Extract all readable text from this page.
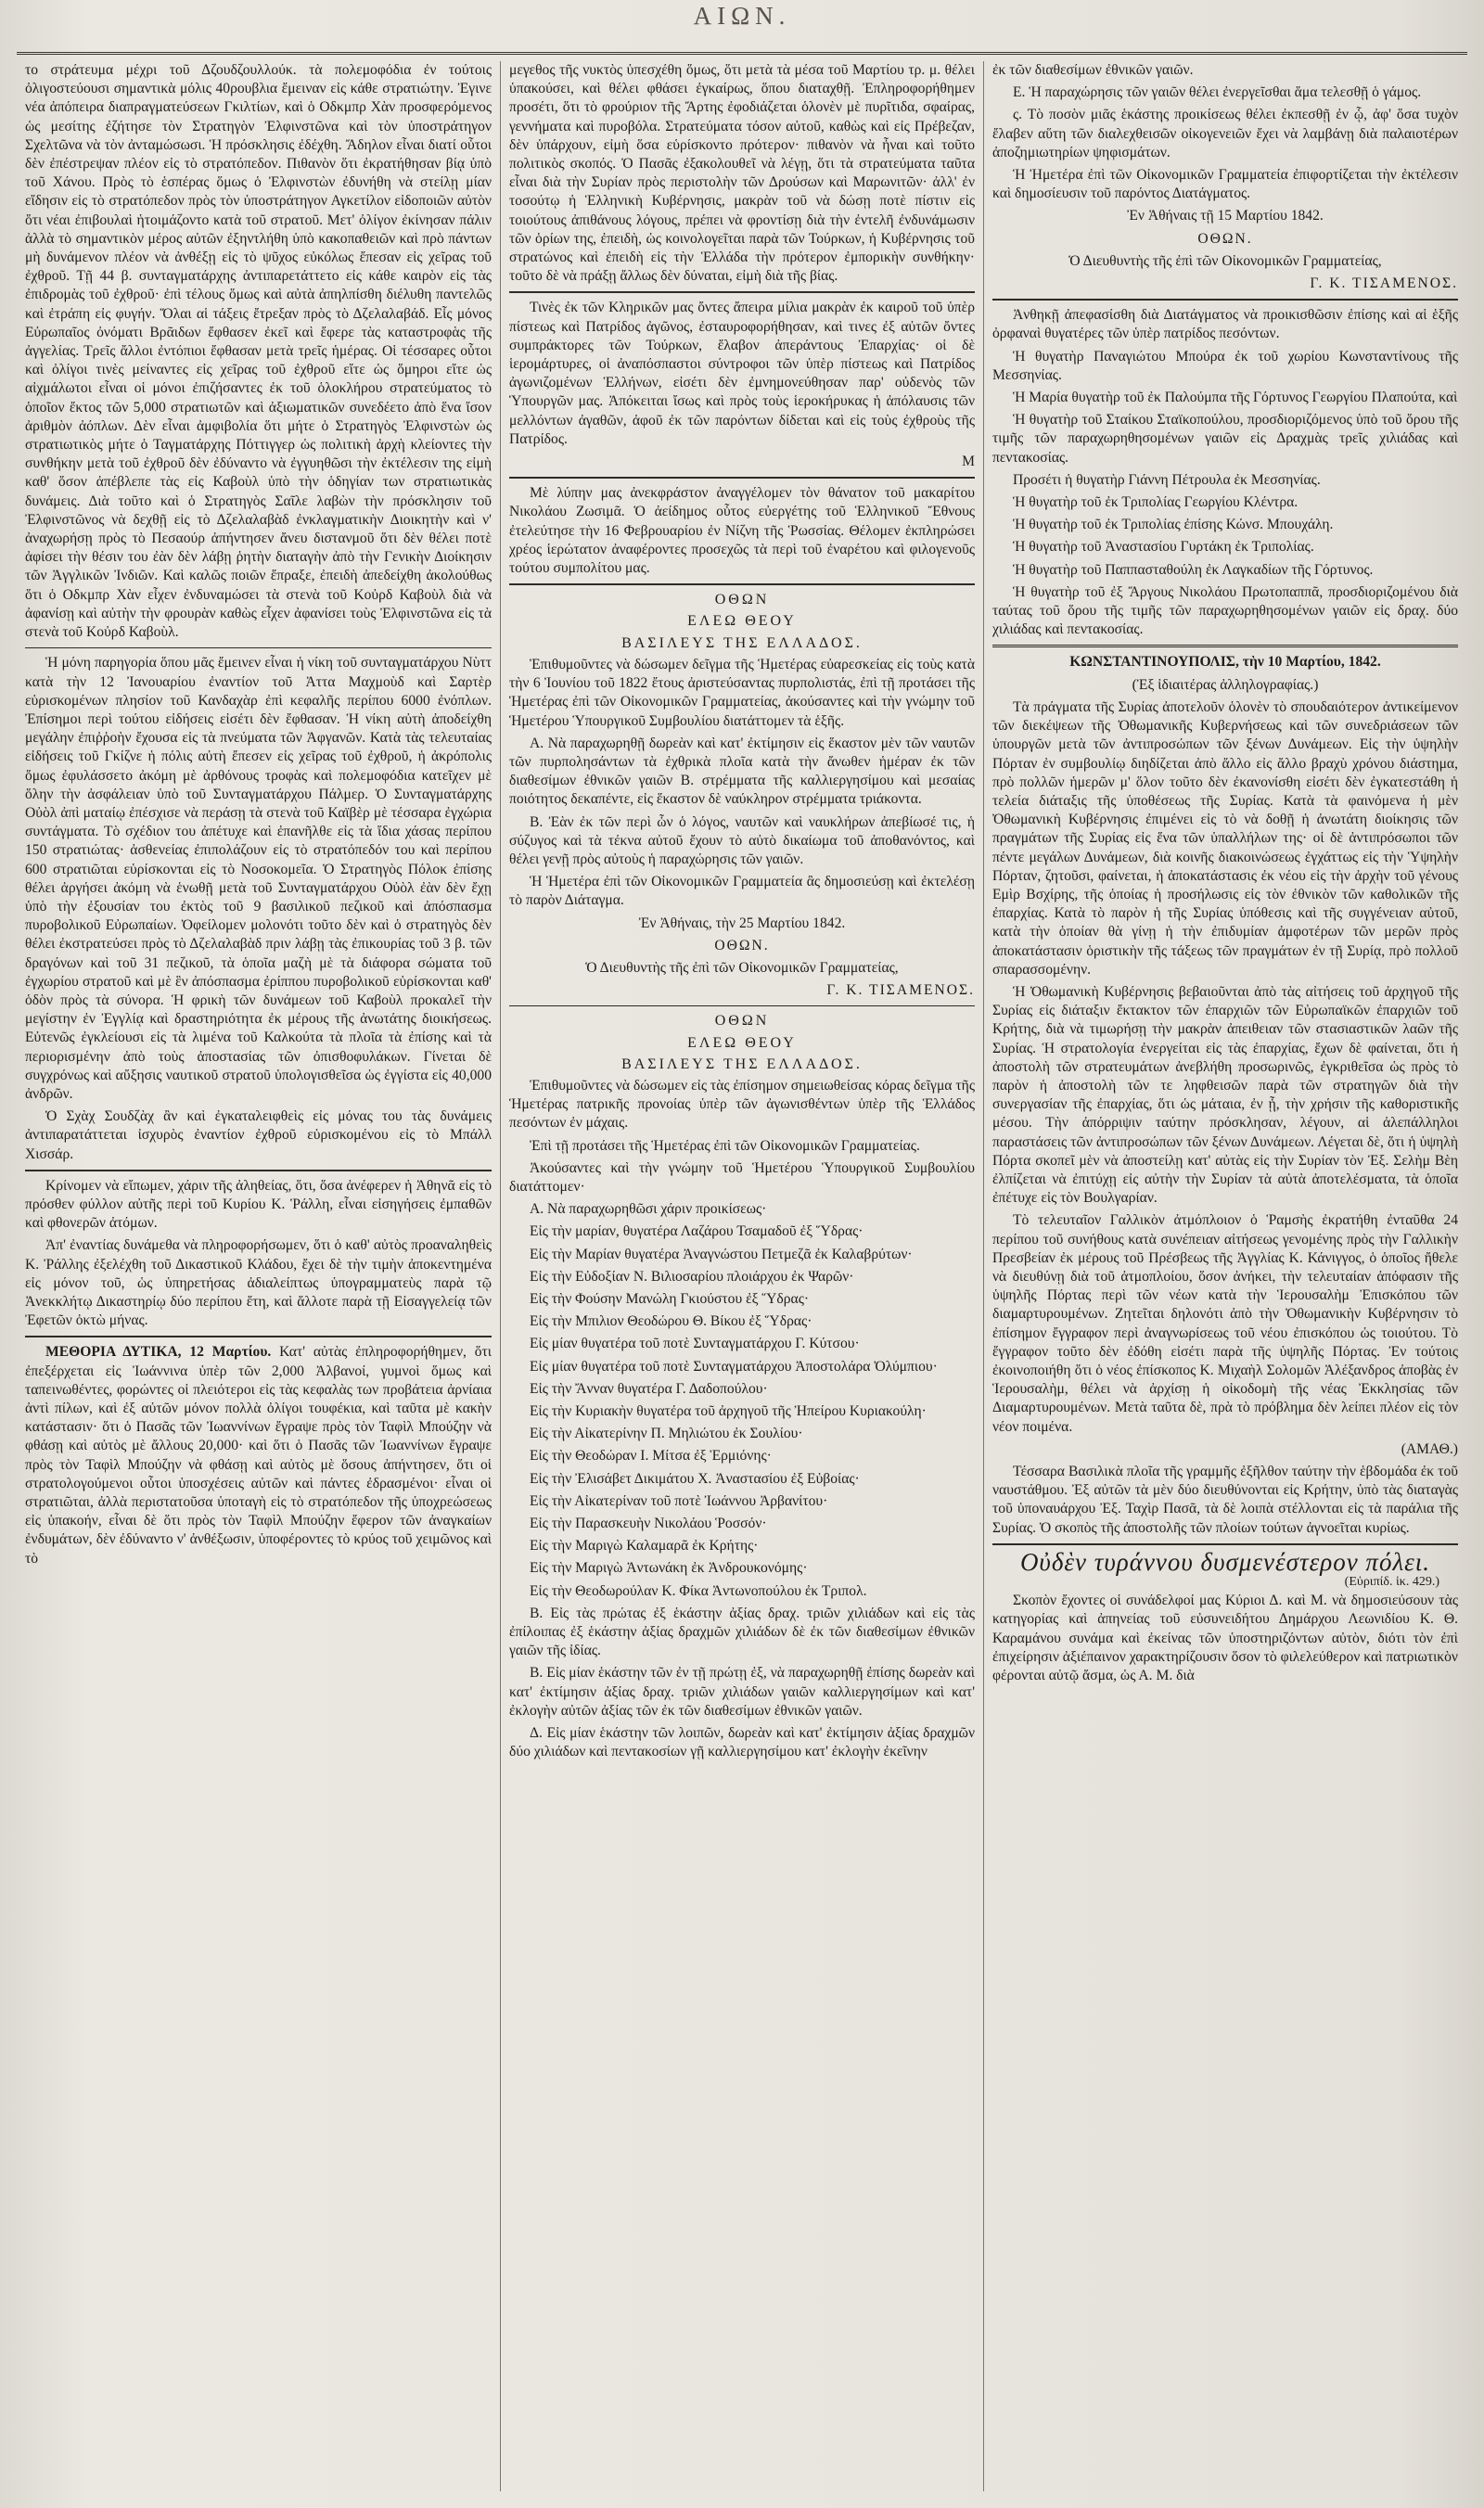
ΑΙΩΝ.

το στράτευμα μέχρι τοῦ Δζουδζουλλούκ. τὰ πολεμοφόδια ἐν τούτοις ὀλιγοστεύουσι σημαντικὰ μόλις 40ρουβλια ἔμειναν εἰς κάθε στρατιώτην. Ἐγινε νέα ἀπόπειρα διαπραγματεύσεων Γκιλτίων, καὶ ὁ Οδκμπρ Χὰν προσφερόμενος ὡς μεσίτης ἐζήτησε τὸν Στρατηγὸν Ἐλφινστῶνα καὶ τὸν ὑποστράτηγον Σχελτῶνα νὰ τὸν ἀνταμώσωσι. Ἡ πρόσκλησις ἐδέχθη. Ἄδηλον εἶναι διατί οὗτοι δὲν ἐπέστρεψαν πλέον εἰς τὸ στρατόπεδον. Πιθανὸν ὅτι ἐκρατήθησαν βίᾳ ὑπὸ τοῦ Χάνου. Πρὸς τὸ ἑσπέρας ὅμως ὁ Ἐλφινστὼν ἐδυνήθη νὰ στείλῃ μίαν εἴδησιν εἰς τὸ στρατόπεδον πρὸς τὸν ὑποστράτηγον Αγκετίλον εἰδοποιῶν αὐτὸν ὅτι νέαι ἐπιβουλαὶ ἡτοιμάζοντο κατὰ τοῦ στρατοῦ. Μετ' ὀλίγον ἐκίνησαν πάλιν ἀλλὰ τὸ σημαντικὸν μέρος αὐτῶν ἐξηντλήθη ὑπὸ κακοπαθειῶν καὶ πρὸ πάντων μὴ δυνάμενον πλέον νὰ ἀνθέξῃ εἰς τὸ ψῦχος εὐκόλως ἔπεσαν εἰς χεῖρας τοῦ ἐχθροῦ. Τῇ 44 β. συνταγματάρχης ἀντιπαρετάττετο εἰς κάθε καιρὸν εἰς τὰς ἐπιδρομὰς τοῦ ἐχθροῦ· ἐπὶ τέλους ὅμως καὶ αὐτὰ ἀπηλπίσθη διέλυθη παντελῶς καὶ ἐτράπη εἰς φυγήν. Ὅλαι αἱ τάξεις ἔτρεξαν πρὸς τὸ Δζελαλαβάδ. Εἷς μόνος Εὐρωπαῖος ὀνόματι Βρᾶιδων ἔφθασεν ἐκεῖ καὶ ἔφερε τὰς καταστροφὰς τῆς ἀγγελίας. Τρεῖς ἄλλοι ἐντόπιοι ἔφθασαν μετὰ τρεῖς ἡμέρας. Οἱ τέσσαρες οὗτοι καὶ ὀλίγοι τινὲς μείναντες εἰς χεῖρας τοῦ ἐχθροῦ εἴτε ὡς ὅμηροι εἴτε ὡς αἰχμάλωτοι εἶναι οἱ μόνοι ἐπιζήσαντες ἐκ τοῦ ὁλοκλήρου στρατεύματος τὸ ὁποῖον ἔκτος τῶν 5,000 στρατιωτῶν καὶ ἀξιωματικῶν συνεδέετο ἀπὸ ἕνα ἴσον ἀριθμὸν ἀόπλων. Δὲν εἶναι ἀμφιβολία ὅτι μήτε ὁ Στρατηγὸς Ἐλφινστὼν ὡς στρατιωτικὸς μήτε ὁ Ταγματάρχης Πόττιγγερ ὡς πολιτικὴ ἀρχὴ κλείοντες τὴν συνθήκην μετὰ τοῦ ἐχθροῦ δὲν ἐδύναντο νὰ ἐγγυηθῶσι τὴν ἐκτέλεσιν της εἰμὴ καθ' ὅσον ἀπέβλεπε τὰς εἰς Καβοὺλ ὑπὸ τὴν ὁδηγίαν των στρατιωτικὰς δυνάμεις. Διὰ τοῦτο καὶ ὁ Στρατηγὸς Σαῖλε λαβὼν τὴν πρόσκλησιν τοῦ Ἐλφινστῶνος νὰ δεχθῇ εἰς τὸ Δζελαλαβὰδ ἐνκλαγματικὴν Διοικητὴν καὶ ν' ἀναχωρήσῃ πρὸς τὸ Πεσαούρ ἀπήντησεν ἄνευ διστανμοῦ ὅτι δὲν θέλει ποτὲ ἀφίσει τὴν θέσιν του ἐὰν δὲν λάβῃ ῥητὴν διαταγὴν ἀπὸ τὴν Γενικὴν Διοίκησιν τῶν Ἀγγλικῶν Ἰνδιῶν. Καὶ καλῶς ποιῶν ἔπραξε, ἐπειδὴ ἀπεδείχθη ἀκολούθως ὅτι ὁ Οδκμπρ Χὰν εἶχεν ἐνδυναμώσει τὰ στενὰ τοῦ Κοὐρδ Καβοὺλ διὰ νὰ ἀφανίσῃ καὶ αὐτὴν τὴν φρουρὰν καθὼς εἶχεν ἀφανίσει τοὺς Ἐλφινστῶνα εἰς τὰ στενὰ τοῦ Κοὐρδ Καβοὺλ.

Ἡ μόνη παρηγορία ὅπου μᾶς ἔμεινεν εἶναι ἡ νίκη τοῦ συνταγματάρχου Νὺττ κατὰ τὴν 12 Ἰανουαρίου ἐναντίον τοῦ Ἀττα Μαχμοὺδ καὶ Σαρτὲρ εὑρισκομένων πλησίον τοῦ Κανδαχὰρ ἐπὶ κεφαλῆς περίπου 6000 ἐνόπλων. Ἐπίσημοι περὶ τούτου εἰδήσεις εἰσέτι δὲν ἔφθασαν. Ἡ νίκη αὐτὴ ἀποδείχθη μεγάλην ἐπιῤῥοὴν ἔχουσα εἰς τὰ πνεύματα τῶν Ἀφγανῶν. Κατὰ τὰς τελευταίας εἰδήσεις τοῦ Γκίζνε ἡ πόλις αὐτὴ ἔπεσεν εἰς χεῖρας τοῦ ἐχθροῦ, ἡ ἀκρόπολις ὅμως ἐφυλάσσετο ἀκόμη μὲ ἀρθόνους τροφὰς καὶ πολεμοφόδια κατεῖχεν μὲ ὅλην τὴν ἀσφάλειαν ὑπὸ τοῦ Συνταγματάρχου Πάλμερ. Ὁ Συνταγματάρχης Οὐὸλ ἀπὶ ματαίῳ ἐπέσχισε νὰ περάσῃ τὰ στενὰ τοῦ Καϊβὲρ μὲ τέσσαρα ἐγχώρια συντάγματα. Τὸ σχέδιον του ἀπέτυχε καὶ ἐπανῆλθε εἰς τὰ ἴδια χάσας περίπου 150 στρατιώτας· ἀσθενείας ἐπιπολάζουν εἰς τὸ στρατόπεδόν του καὶ περίπου 600 στρατιῶται εὑρίσκονται εἰς τὸ Νοσοκομεῖα. Ὁ Στρατηγὸς Πόλοκ ἐπίσης θέλει ἀργήσει ἀκόμη νὰ ἑνωθῇ μετὰ τοῦ Συνταγματάρχου Οὐὸλ ἐὰν δὲν ἔχῃ ὑπὸ τὴν ἐξουσίαν του ἐκτὸς τοῦ 9 βασιλικοῦ πεζικοῦ καὶ ἀπόσπασμα πυροβολικοῦ Εὐρωπαίων. Ὀφείλομεν μολονότι τοῦτο δὲν καὶ ὁ στρατηγὸς δὲν θέλει ἐκστρατεύσει πρὸς τὸ Δζελαλαβὰδ πριν λάβῃ τὰς ἐπικουρίας τοῦ 3 β. τῶν δραγόνων καὶ τοῦ 31 πεζικοῦ, τὰ ὁποῖα μαζὴ μὲ τὰ διάφορα σώματα τοῦ ἐγχωρίου στρατοῦ καὶ μὲ ἓν ἀπόσπασμα ἐρίππου πυροβολικοῦ εὑρίσκονται καθ' ὁδὸν πρὸς τὰ σύνορα. Ἡ φρικὴ τῶν δυνάμεων τοῦ Καβοὺλ προκαλεῖ τὴν μεγίστην ἐν Ἐγγλίᾳ καὶ δραστηριότητα ἐκ μέρους τῆς ἀνωτάτης διοικήσεως. Εὐτενῶς ἐγκλείουσι εἰς τὰ λιμένα τοῦ Καλκούτα τὰ πλοῖα τὰ ἐπίσης καὶ τὰ περιορισμένην ἀπὸ τοὺς ἀποστασίας τῶν ὀπισθοφυλάκων. Γίνεται δὲ συγχρόνως καὶ αὔξησις ναυτικοῦ στρατοῦ ὑπολογισθεῖσα ὡς ἐγγίστα εἰς 40,000 ἀνδρῶν.

Ὁ Σχὰχ Σουδζὰχ ἂν καὶ ἐγκαταλειφθεὶς εἰς μόνας του τὰς δυνάμεις ἀντιπαρατάττεται ἰσχυρὸς ἐναντίον ἐχθροῦ εὑρισκομένου εἰς τὸ Μπάλλ Χισσάρ.

Κρίνομεν νὰ εἴπωμεν, χάριν τῆς ἀληθείας, ὅτι, ὅσα ἀνέφερεν ἡ Ἀθηνᾶ εἰς τὸ πρόσθεν φύλλον αὐτῆς περὶ τοῦ Κυρίου Κ. Ῥάλλη, εἶναι εἰσηγήσεις ἐμπαθῶν καὶ φθονερῶν ἀτόμων.

Ἀπ' ἐναντίας δυνάμεθα νὰ πληροφορήσωμεν, ὅτι ὁ καθ' αὐτὸς προαναληθεὶς Κ. Ῥάλλης ἐξελέχθη τοῦ Δικαστικοῦ Κλάδου, ἔχει δὲ τὴν τιμὴν ἀποκεντημένα εἰς μόνον τοῦ, ὡς ὑπηρετήσας ἀδιαλείπτως ὑπογραμματεὺς παρὰ τῷ Ἀνεκκλήτῳ Δικαστηρίῳ δύο περίπου ἔτη, καὶ ἄλλοτε παρὰ τῇ Εἰσαγγελείᾳ τῶν Ἐφετῶν ὀκτὼ μήνας.

ΜΕΘΟΡΙΑ ΔΥΤΙΚΑ, 12 Μαρτίου. Κατ' αὐτὰς ἐπληροφορήθημεν, ὅτι ἐπεξέρχεται εἰς Ἰωάννινα ὑπὲρ τῶν 2,000 Ἀλβανοί, γυμνοὶ ὅμως καὶ ταπεινωθέντες, φορώντες οἱ πλειότεροι εἰς τὰς κεφαλὰς των προβάτεια ἀρνίαια ἀντὶ πίλων, καὶ ἐξ αὐτῶν μόνον πολλὰ ὀλίγοι τουφέκια, καὶ ταῦτα μὲ κακὴν κατάστασιν· ὅτι ὁ Πασᾶς τῶν Ἰωαννίνων ἔγραψε πρὸς τὸν Ταφὶλ Μπούζην νὰ φθάσῃ καὶ αὐτὸς μὲ ἄλλους 20,000· καὶ ὅτι ὁ Πασᾶς τῶν Ἰωαννίνων ἔγραψε πρὸς τὸν Ταφὶλ Μπούζην νὰ φθάσῃ καὶ αὐτὸς μὲ ὅσους ἀπήντησεν, ὅτι οἱ στρατολογούμενοι οὗτοι ὑποσχέσεις αὐτῶν καὶ πάντες ἐδρασμένοι· εἶναι οἱ στρατιῶται, ἀλλὰ περιστατοῦσα ὑποταγὴ εἰς τὸ στρατόπεδον τῆς ὑποχρεώσεως εἰς ὑπακοήν, εἶναι δὲ ὅτι πρὸς τὸν Ταφὶλ Μπούζην ἔφερον τῶν ἀναγκαίων ἐνδυμάτων, δὲν ἐδύναντο ν' ἀνθέξωσιν, ὑποφέροντες τὸ κρύος τοῦ χειμῶνος καὶ τὸ

μεγεθος τῆς νυκτὸς ὑπεσχέθη ὅμως, ὅτι μετὰ τὰ μέσα τοῦ Μαρτίου τρ. μ. θέλει ὑπακούσει, καὶ θέλει φθάσει ἐγκαίρως, ὅπου διαταχθῇ. Ἐπληροφορήθημεν προσέτι, ὅτι τὸ φρούριον τῆς Ἄρτης ἐφοδιάζεται ὁλονὲν μὲ πυρῖτιδα, σφαίρας, γεννήματα καὶ πυροβόλα. Στρατεύματα τόσον αὐτοῦ, καθὼς καὶ εἰς Πρέβεζαν, δὲν ὑπάρχουν, εἰμὴ ὅσα εὑρίσκοντο πρότερον· πιθανὸν νὰ ἦναι καὶ τοῦτο πολιτικὸς σκοπός. Ὁ Πασᾶς ἐξακολουθεῖ νὰ λέγῃ, ὅτι τὰ στρατεύματα ταῦτα εἶναι διὰ τὴν Συρίαν πρὸς περιστολὴν τῶν Δρούσων καὶ Μαρωνιτῶν· ἀλλ' ἐν τοσούτῳ ἡ Ἑλληνικὴ Κυβέρνησις, μακρὰν τοῦ νὰ δώσῃ ποτὲ πίστιν εἰς τοιούτους ἀπιθάνους λόγους, πρέπει νὰ φροντίσῃ διὰ τὴν ἐντελῆ ἐνδυνάμωσιν τῶν ὁρίων της, ἐπειδὴ, ὡς κοινολογεῖται παρὰ τῶν Τούρκων, ἡ Κυβέρνησις τοῦ στρατώνος καὶ ἐπειδὴ εἰς τὴν Ἑλλάδα τὴν πρότερον ἐμπορικὴν συνθήκην· τοῦτο δὲ νὰ πράξῃ ἄλλως δὲν δύναται, εἰμὴ διὰ τῆς βίας.

Τινὲς ἐκ τῶν Κληρικῶν μας ὄντες ἄπειρα μίλια μακρὰν ἐκ καιροῦ τοῦ ὑπὲρ πίστεως καὶ Πατρίδος ἀγῶνος, ἐσταυροφορήθησαν, καὶ τινες ἐξ αὐτῶν ὄντες συμπράκτορες τῶν Τούρκων, ἔλαβον ἀπεράντους Ἐπαρχίας· οἱ δὲ ἱερομάρτυρες, οἱ ἀναπόσπαστοι σύντροφοι τῶν ὑπὲρ πίστεως καὶ Πατρίδος ἀγωνιζομένων Ἑλλήνων, εἰσέτι δὲν ἐμνημονεύθησαν παρ' οὐδενὸς τῶν Ὑπουργῶν μας. Ἀπόκειται ἴσως καὶ πρὸς τοὺς ἱεροκήρυκας ἡ ἀπόλαυσις τῶν μελλόντων ἀγαθῶν, ἀφοῦ ἐκ τῶν παρόντων δίδεται καὶ εἰς τοὺς ἐχθροὺς τῆς Πατρίδος.

Μ

Μὲ λύπην μας ἀνεκφράστον ἀναγγέλομεν τὸν θάνατον τοῦ μακαρίτου Νικολάου Ζωσιμᾶ. Ὁ ἀείδημος οὗτος εὐεργέτης τοῦ Ἑλληνικοῦ Ἔθνους ἐτελεύτησε τὴν 16 Φεβρουαρίου ἐν Νίζνη τῆς Ῥωσσίας. Θέλομεν ἐκπληρώσει χρέος ἱερώτατον ἀναφέροντες προσεχῶς τὰ περὶ τοῦ ἐναρέτου καὶ φιλογενοῦς τούτου συμπολίτου μας.

ΟΘΩΝ
ΕΛΕΩ ΘΕΟΥ
ΒΑΣΙΛΕΥΣ ΤΗΣ ΕΛΛΑΔΟΣ.

Ἐπιθυμοῦντες νὰ δώσωμεν δεῖγμα τῆς Ἡμετέρας εὐαρεσκείας εἰς τοὺς κατὰ τὴν 6 Ἰουνίου τοῦ 1822 ἔτους ἀριστεύσαντας πυρπολιστάς, ἐπὶ τῇ προτάσει τῆς Ἡμετέρας ἐπὶ τῶν Οἰκονομικῶν Γραμματείας, ἀκούσαντες καὶ τὴν γνώμην τοῦ Ἡμετέρου Ὑπουργικοῦ Συμβουλίου διατάττομεν τὰ ἑξῆς.

Α. Νὰ παραχωρηθῇ δωρεὰν καὶ κατ' ἐκτίμησιν εἰς ἕκαστον μὲν τῶν ναυτῶν τῶν πυρπολησάντων τὰ ἐχθρικὰ πλοῖα κατὰ τὴν ἄνωθεν ἡμέραν ἐκ τῶν διαθεσίμων ἐθνικῶν γαιῶν Β. στρέμματα τῆς καλλιεργησίμου καὶ μεσαίας ποιότητος δεκαπέντε, εἰς ἕκαστον δὲ ναύκληρον στρέμματα τριάκοντα.

Β. Ἐὰν ἐκ τῶν περὶ ὧν ὁ λόγος, ναυτῶν καὶ ναυκλήρων ἀπεβίωσέ τις, ἡ σύζυγος καὶ τὰ τέκνα αὐτοῦ ἔχουν τὸ αὐτὸ δικαίωμα τοῦ ἀποθανόντος, καὶ θέλει γενῇ πρὸς αὐτοὺς ἡ παραχώρησις τῶν γαιῶν.

Ἡ Ἡμετέρα ἐπὶ τῶν Οἰκονομικῶν Γραμματεία ἂς δημοσιεύσῃ καὶ ἐκτελέσῃ τὸ παρὸν Διάταγμα.

Ἐν Ἀθήναις, τὴν 25 Μαρτίου 1842.

ΟΘΩΝ.

Ὁ Διευθυντὴς τῆς ἐπὶ τῶν Οἰκονομικῶν Γραμματείας,

Γ. Κ. ΤΙΣΑΜΕΝΟΣ.

ΟΘΩΝ
ΕΛΕΩ ΘΕΟΥ
ΒΑΣΙΛΕΥΣ ΤΗΣ ΕΛΛΑΔΟΣ.

Ἐπιθυμοῦντες νὰ δώσωμεν εἰς τὰς ἐπίσημον σημειωθείσας κόρας δεῖγμα τῆς Ἡμετέρας πατρικῆς προνοίας ὑπὲρ τῶν ἀγωνισθέντων ὑπὲρ τῆς Ἑλλάδος πεσόντων ἐν μάχαις.

Ἐπὶ τῇ προτάσει τῆς Ἡμετέρας ἐπὶ τῶν Οἰκονομικῶν Γραμματείας.

Ἀκούσαντες καὶ τὴν γνώμην τοῦ Ἡμετέρου Ὑπουργικοῦ Συμβουλίου διατάττομεν·

Α. Νὰ παραχωρηθῶσι χάριν προικίσεως·

Εἰς τὴν μαρίαν, θυγατέρα Λαζάρου Τσαμαδοῦ ἐξ Ὕδρας·

Εἰς τὴν Μαρίαν θυγατέρα Ἀναγνώστου Πετμεζᾶ ἐκ Καλαβρύτων·

Εἰς τὴν Εὐδοξίαν Ν. Βιλιοσαρίου πλοιάρχου ἐκ Ψαρῶν·

Εἰς τὴν Φούσην Μανώλη Γκιούστου ἐξ Ὕδρας·

Εἰς τὴν Μπιλιον Θεοδώρου Θ. Βίκου ἐξ Ὕδρας·

Εἰς μίαν θυγατέρα τοῦ ποτὲ Συνταγματάρχου Γ. Κύτσου·

Εἰς μίαν θυγατέρα τοῦ ποτὲ Συνταγματάρχου Ἀποστολάρα Ὀλύμπιου·

Εἰς τὴν Ἄνναν θυγατέρα Γ. Δαδοπούλου·

Εἰς τὴν Κυριακὴν θυγατέρα τοῦ ἀρχηγοῦ τῆς Ἠπείρου Κυριακούλη·

Εἰς τὴν Αἰκατερίνην Π. Μηλιώτου ἐκ Σουλίου·

Εἰς τὴν Θεοδώραν Ι. Μίτσα ἐξ Ἑρμιόνης·

Εἰς τὴν Ἐλισάβετ Δικιμάτου Χ. Ἀναστασίου ἐξ Εὐβοίας·

Εἰς τὴν Αἰκατερίναν τοῦ ποτὲ Ἰωάννου Ἀρβανίτου·

Εἰς τὴν Παρασκευὴν Νικολάου Ῥοσσόν·

Εἰς τὴν Μαριγὼ Καλαμαρᾶ ἐκ Κρήτης·

Εἰς τὴν Μαριγὼ Ἀντωνάκη ἐκ Ἀνδρουκονόμης·

Εἰς τὴν Θεοδωρούλαν Κ. Φίκα Ἀντωνοπούλου ἐκ Τριπολ.

Β. Εἰς τὰς πρώτας ἐξ ἑκάστην ἀξίας δραχ. τριῶν χιλιάδων καὶ εἰς τὰς ἐπίλοιπας ἐξ ἑκάστην ἀξίας δραχμῶν χιλιάδων δὲ ἐκ τῶν διαθεσίμων ἐθνικῶν γαιῶν τῆς ἰδίας.

Β. Εἰς μίαν ἑκάστην τῶν ἐν τῇ πρώτῃ ἐξ, νὰ παραχωρηθῇ ἐπίσης δωρεὰν καὶ κατ' ἐκτίμησιν ἀξίας δραχ. τριῶν χιλιάδων γαιῶν καλλιεργησίμων καὶ κατ' ἐκλογὴν αὐτῶν ἀξίας τῶν ἐκ τῶν διαθεσίμων ἐθνικῶν γαιῶν.

Δ. Εἰς μίαν ἑκάστην τῶν λοιπῶν, δωρεὰν καὶ κατ' ἐκτίμησιν ἀξίας δραχμῶν δύο χιλιάδων καὶ πεντακοσίων γῇ καλλιεργησίμου κατ' ἐκλογὴν ἐκεῖνην

ἐκ τῶν διαθεσίμων ἐθνικῶν γαιῶν.

Ε. Ἡ παραχώρησις τῶν γαιῶν θέλει ἐνεργεῖσθαι ἅμα τελεσθῇ ὁ γάμος.

ς. Τὸ ποσὸν μιᾶς ἑκάστης προικίσεως θέλει ἐκπεσθῇ ἐν ᾧ, ἀφ' ὅσα τυχὸν ἔλαβεν αὕτη τῶν διαλεχθεισῶν οἰκογενειῶν ἔχει νὰ λαμβάνῃ διὰ παλαιοτέρων ἀποζημιωτηρίων ψηφισμάτων.

Ἡ Ἡμετέρα ἐπὶ τῶν Οἰκονομικῶν Γραμματεία ἐπιφορτίζεται τὴν ἐκτέλεσιν καὶ δημοσίευσιν τοῦ παρόντος Διατάγματος.

Ἐν Ἀθήναις τῇ 15 Μαρτίου 1842.

ΟΘΩΝ.

Ὁ Διευθυντὴς τῆς ἐπὶ τῶν Οἰκονομικῶν Γραμματείας,

Γ. Κ. ΤΙΣΑΜΕΝΟΣ.

Ἀνθηκῇ ἀπεφασίσθη διὰ Διατάγματος νὰ προικισθῶσιν ἐπίσης καὶ αἱ ἑξῆς ὀρφαναὶ θυγατέρες τῶν ὑπὲρ πατρίδος πεσόντων.

Ἡ θυγατὴρ Παναγιώτου Μπούρα ἐκ τοῦ χωρίου Κωνσταντίνους τῆς Μεσσηνίας.

Ἡ Μαρία θυγατὴρ τοῦ ἐκ Παλούμπα τῆς Γόρτυνος Γεωργίου Πλαπούτα, καὶ

Ἡ θυγατὴρ τοῦ Σταίκου Σταϊκοπούλου, προσδιοριζόμενος ὑπὸ τοῦ ὅρου τῆς τιμῆς τῶν παραχωρηθησομένων γαιῶν εἰς Δραχμὰς τρεῖς χιλιάδας καὶ πεντακοσίας.

Προσέτι ἡ θυγατὴρ Γιάννη Πέτρουλα ἐκ Μεσσηνίας.

Ἡ θυγατὴρ τοῦ ἐκ Τριπολίας Γεωργίου Κλέντρα.

Ἡ θυγατὴρ τοῦ ἐκ Τριπολίας ἐπίσης Κώνσ. Μπουχάλη.

Ἡ θυγατὴρ τοῦ Ἀναστασίου Γυρτάκη ἐκ Τριπολίας.

Ἡ θυγατὴρ τοῦ Παππασταθούλη ἐκ Λαγκαδίων τῆς Γόρτυνος.

Ἡ θυγατὴρ τοῦ ἐξ Ἄργους Νικολάου Πρωτοπαππᾶ, προσδιοριζομένου διὰ ταύτας τοῦ ὅρου τῆς τιμῆς τῶν παραχωρηθησομένων γαιῶν εἰς δραχ. δύο χιλιάδας καὶ πεντακοσίας.

ΚΩΝΣΤΑΝΤΙΝΟΥΠΟΛΙΣ, τὴν 10 Μαρτίου, 1842.

(Ἐξ ἰδιαιτέρας ἀλληλογραφίας.)

Τὰ πράγματα τῆς Συρίας ἀποτελοῦν ὁλονὲν τὸ σπουδαιότερον ἀντικείμενον τῶν διεκέψεων τῆς Ὀθωμανικῆς Κυβερνήσεως καὶ τῶν συνεδριάσεων τῶν ὑπουργῶν μετὰ τῶν ἀντιπροσώπων τῶν ξένων Δυνάμεων. Εἰς τὴν ὑψηλὴν Πόρταν ἐν συμβουλίῳ διηδίζεται ἀπὸ ἄλλο εἰς ἄλλο βραχὺ χρόνου διάστημα, πρὸ πολλῶν ἡμερῶν μ' ὅλον τοῦτο δὲν ἐκανονίσθη εἰσέτι δὲν ἐγκατεστάθη ἡ τελεία διάταξις τῆς ὑποθέσεως τῆς Συρίας. Κατὰ τὰ φαινόμενα ἡ μὲν Ὀθωμανικὴ Κυβέρνησις ἐπιμένει εἰς τὸ νὰ δοθῇ ἡ ἀνωτάτη διοίκησις τῶν πραγμάτων τῆς Συρίας εἰς ἕνα τῶν ὑπαλλήλων της· οἱ δὲ ἀντιπρόσωποι τῶν πέντε μεγάλων Δυνάμεων, διὰ κοινῆς διακοινώσεως ἐγχάττως εἰς τὴν Ὑψηλὴν Πόρταν, ζητοῦσι, φαίνεται, ἡ ἀποκατάστασις ἐκ νέου εἰς τὴν ἀρχὴν τοῦ γένους Εμὶρ Βσχίρης, τῆς ὁποίας ἡ προσήλωσις εἰς τὸν ἐθνικὸν τῶν καθολικῶν τῆς ἐπαρχίας. Κατὰ τὸ παρὸν ἡ τῆς Συρίας ὑπόθεσις καὶ τῆς συγγένειαν αὐτοῦ, κατὰ τὴν ὁποίαν θὰ γίνῃ ἡ τὴν ἐπιδυμίαν ἀμφοτέρων τῶν μερῶν πρὸς ἀποκατάστασιν ὁριστικὴν τῆς τάξεως τῶν πραγμάτων ἐν τῇ Συρίᾳ, πρὸ πολλοῦ σπαρασσομένην.

Ἡ Ὀθωμανικὴ Κυβέρνησις βεβαιοῦνται ἀπὸ τὰς αἰτήσεις τοῦ ἀρχηγοῦ τῆς Συρίας εἰς διάταξιν ἔκτακτον τῶν ἐπαρχιῶν τῶν Εὐρωπαϊκῶν ἐπαρχιῶν τοῦ Κρήτης, διὰ νὰ τιμωρήσῃ τὴν μακρὰν ἀπειθειαν τῶν στασιαστικῶν λαῶν τῆς Συρίας. Ἡ στρατολογία ἐνεργείται εἰς τὰς ἐπαρχίας, ἔχων δὲ φαίνεται, ὅτι ἡ ἀποστολὴ τῶν στρατευμάτων ἀνεβλήθη προσωρινῶς, ἐγκριθεῖσα ὡς πρὸς τὸ παρὸν ἡ ἀποστολὴ τῶν τε ληφθεισῶν παρὰ τῶν στρατηγῶν διὰ τὴν συνεργασίαν τῆς ἐπαρχίας, ὅτι ὡς μάταια, ἐν ᾗ, τὴν χρήσιν τῆς καθοριστικῆς μέσου. Τὴν ἀπόρριψιν ταύτην πρόσκλησαν, λέγουν, αἱ ἀλεπάλληλοι παραστάσεις τῶν ἀντιπροσώπων τῶν ξένων Δυνάμεων. Λέγεται δὲ, ὅτι ἡ ὑψηλὴ Πόρτα σκοπεῖ μὲν νὰ ἀποστείλῃ κατ' αὐτὰς εἰς τὴν Συρίαν τὸν Ἐξ. Σελὴμ Βὲη ἐλπίζεται νὰ ἐπιτύχῃ εἰς αὐτὴν τὴν Συρίαν τὰ αὐτὰ ἀποτελέσματα, τὰ ὁποῖα ἐπέτυχε εἰς τὸν Βουλγαρίαν.

Τὸ τελευταῖον Γαλλικὸν ἀτμόπλοιον ὁ Ῥαμσὴς ἐκρατήθη ἐνταῦθα 24 περίπου τοῦ συνήθους κατὰ συνέπειαν αἰτήσεως γενομένης πρὸς τὴν Γαλλικὴν Πρεσβείαν ἐκ μέρους τοῦ Πρέσβεως τῆς Ἀγγλίας Κ. Κάνιγγος, ὁ ὁποῖος ἤθελε νὰ διευθύνῃ διὰ τοῦ ἀτμοπλοίου, ὅσον ἀνήκει, τὴν τελευταίαν ἀπόφασιν τῆς ὑψηλῆς Πόρτας περὶ τῶν νέων κατὰ τὴν Ἱερουσαλὴμ Ἐπισκόπου τῶν διαμαρτυρουμένων. Ζητεῖται δηλονότι ἀπὸ τὴν Ὀθωμανικὴν Κυβέρνησιν τὸ ἐπίσημον ἔγγραφον περὶ ἀναγνωρίσεως τοῦ νέου ἐπισκόπου ὡς τοιούτου. Τὸ ἔγγραφον τοῦτο δὲν ἐδόθη εἰσέτι παρὰ τῆς ὑψηλῆς Πόρτας. Ἐν τούτοις ἐκοινοποιήθη ὅτι ὁ νέος ἐπίσκοπος Κ. Μιχαὴλ Σολομῶν Ἀλέξανδρος ἀποβὰς ἐν Ἱερουσαλὴμ, θέλει νὰ ἀρχίσῃ ἡ οἰκοδομὴ τῆς νέας Ἐκκλησίας τῶν Διαμαρτυρουμένων. Μετὰ ταῦτα δὲ, πρὰ τὸ πρόβλημα δὲν λείπει πλέον εἰς τὸν νέον ποιμένα.

(ΑΜΑΘ.)

Τέσσαρα Βασιλικὰ πλοῖα τῆς γραμμῆς ἐξῆλθον ταύτην τὴν ἑβδομάδα ἐκ τοῦ ναυστάθμου. Ἐξ αὐτῶν τὰ μὲν δύο διευθύνονται εἰς Κρήτην, ὑπὸ τὰς διαταγὰς τοῦ ὑποναυάρχου Ἐξ. Ταχὶρ Πασᾶ, τὰ δὲ λοιπὰ στέλλονται εἰς τὰ παράλια τῆς Συρίας. Ὁ σκοπὸς τῆς ἀποστολῆς τῶν πλοίων τούτων ἀγνοεῖται κυρίως.

Οὐδὲν τυράννου δυσμενέστερον πόλει.
(Εὐριπίδ. ἱκ. 429.)

Σκοπὸν ἔχοντες οἱ συνάδελφοί μας Κύριοι Δ. καὶ Μ. νὰ δημοσιεύσουν τὰς κατηγορίας καὶ ἀπηνείας τοῦ εὐσυνειδήτου Δημάρχου Λεωνιδίου Κ. Θ. Καραμάνου συνάμα καὶ ἐκείνας τῶν ὑποστηριζόντων αὐτὸν, διότι τὸν ἐπὶ ἐπιχείρησιν ἀξιέπαινον χαρακτηρίζουσιν ὅσον τὸ φιλελεύθερον καὶ πατριωτικὸν φέρονται αὐτῷ ἄσμα, ὡς Α. Μ. διὰ
